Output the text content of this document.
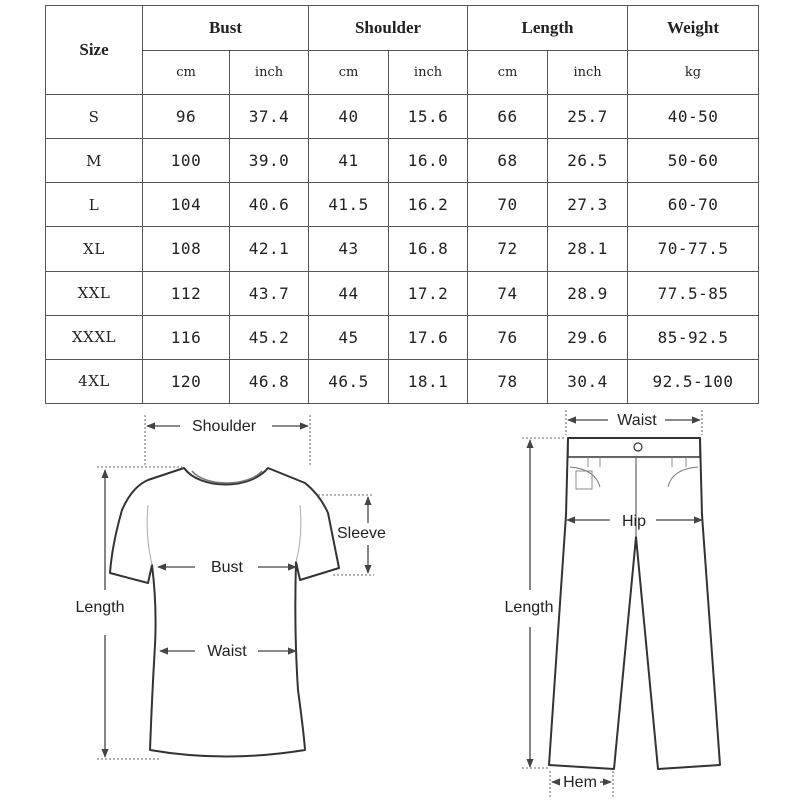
Size	Bust		Shoulder		Length		Weight
	cm	inch	cm	inch	cm	inch	kg
S	96	37.4	40	15.6	66	25.7	40-50
M	100	39.0	41	16.0	68	26.5	50-60
L	104	40.6	41.5	16.2	70	27.3	60-70
XL	108	42.1	43	16.8	72	28.1	70-77.5
XXL	112	43.7	44	17.2	74	28.9	77.5-85
XXXL	116	45.2	45	17.6	76	29.6	85-92.5
4XL	120	46.8	46.5	18.1	78	30.4	92.5-100
Shoulder
Sleeve
Bust
Length
Waist
Waist
Hip
Length
Hem
